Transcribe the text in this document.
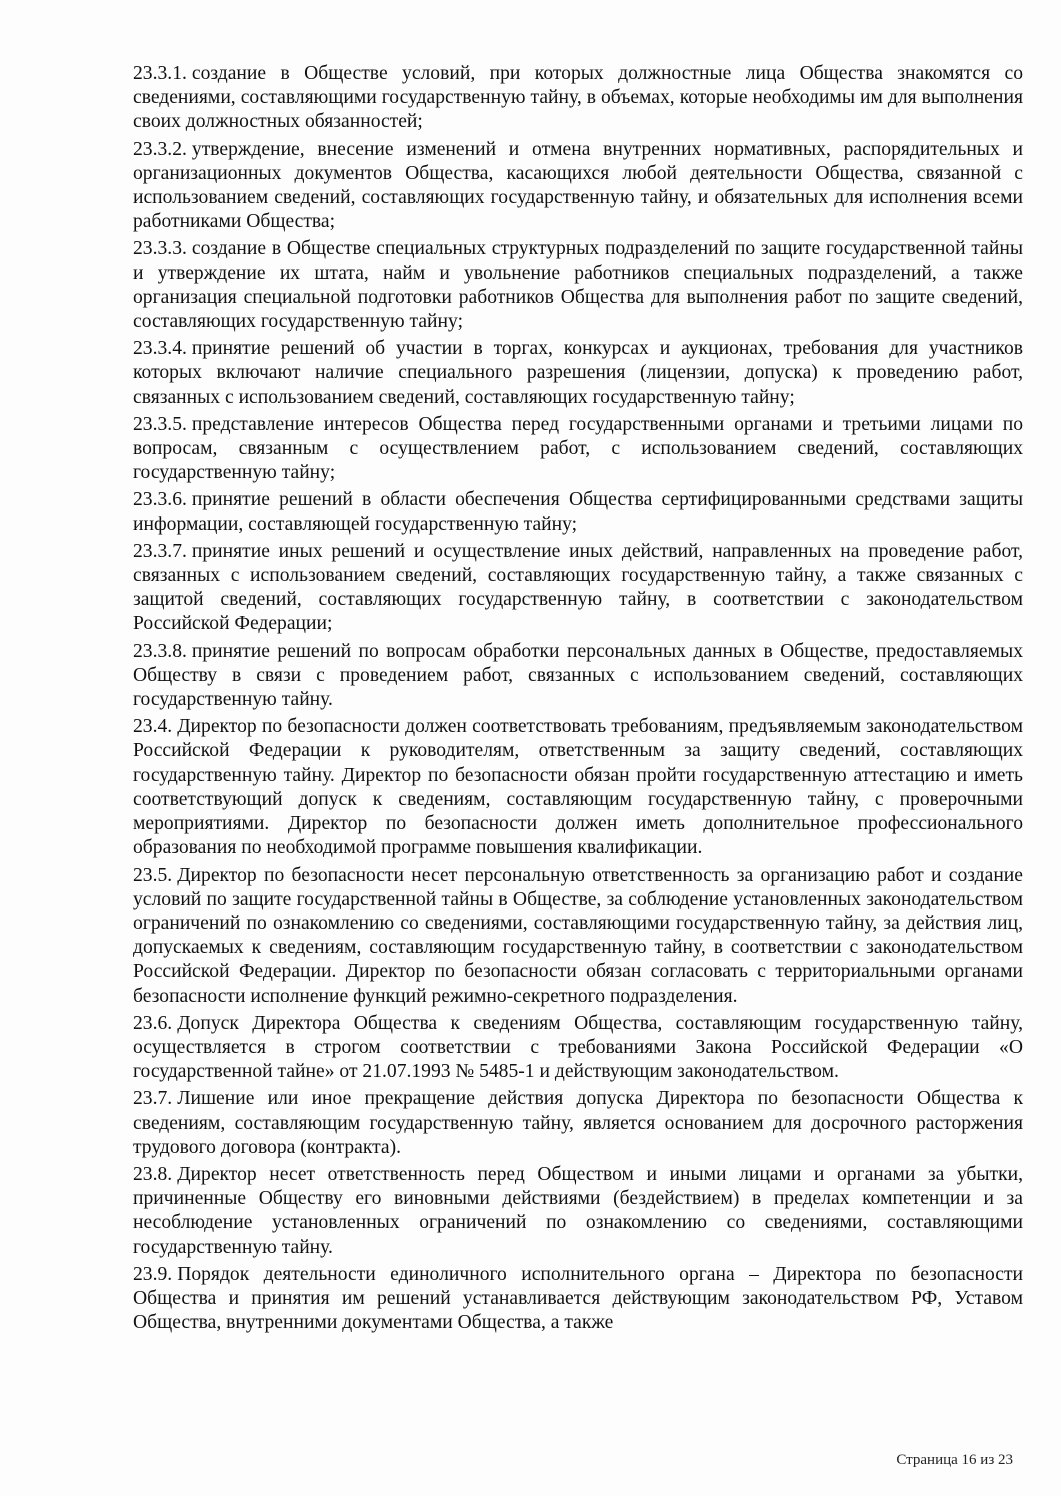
23.3.1. создание в Обществе условий, при которых должностные лица Общества знакомятся со сведениями, составляющими государственную тайну, в объемах, которые необходимы им для выполнения своих должностных обязанностей;

23.3.2. утверждение, внесение изменений и отмена внутренних нормативных, распорядительных и организационных документов Общества, касающихся любой деятельности Общества, связанной с использованием сведений, составляющих государственную тайну, и обязательных для исполнения всеми работниками Общества;

23.3.3. создание в Обществе специальных структурных подразделений по защите государственной тайны и утверждение их штата, найм и увольнение работников специальных подразделений, а также организация специальной подготовки работников Общества для выполнения работ по защите сведений, составляющих государственную тайну;

23.3.4. принятие решений об участии в торгах, конкурсах и аукционах, требования для участников которых включают наличие специального разрешения (лицензии, допуска) к проведению работ, связанных с использованием сведений, составляющих государственную тайну;

23.3.5. представление интересов Общества перед государственными органами и третьими лицами по вопросам, связанным с осуществлением работ, с использованием сведений, составляющих государственную тайну;

23.3.6. принятие решений в области обеспечения Общества сертифицированными средствами защиты информации, составляющей государственную тайну;

23.3.7. принятие иных решений и осуществление иных действий, направленных на проведение работ, связанных с использованием сведений, составляющих государственную тайну, а также связанных с защитой сведений, составляющих государственную тайну, в соответствии с законодательством Российской Федерации;

23.3.8. принятие решений по вопросам обработки персональных данных в Обществе, предоставляемых Обществу в связи с проведением работ, связанных с использованием сведений, составляющих государственную тайну.

23.4. Директор по безопасности должен соответствовать требованиям, предъявляемым законодательством Российской Федерации к руководителям, ответственным за защиту сведений, составляющих государственную тайну. Директор по безопасности обязан пройти государственную аттестацию и иметь соответствующий допуск к сведениям, составляющим государственную тайну, с проверочными мероприятиями. Директор по безопасности должен иметь дополнительное профессионального образования по необходимой программе повышения квалификации.

23.5. Директор по безопасности несет персональную ответственность за организацию работ и создание условий по защите государственной тайны в Обществе, за соблюдение установленных законодательством ограничений по ознакомлению со сведениями, составляющими государственную тайну, за действия лиц, допускаемых к сведениям, составляющим государственную тайну, в соответствии с законодательством Российской Федерации. Директор по безопасности обязан согласовать с территориальными органами безопасности исполнение функций режимно-секретного подразделения.

23.6. Допуск Директора Общества к сведениям Общества, составляющим государственную тайну, осуществляется в строгом соответствии с требованиями Закона Российской Федерации «О государственной тайне» от 21.07.1993 № 5485-1 и действующим законодательством.

23.7. Лишение или иное прекращение действия допуска Директора по безопасности Общества к сведениям, составляющим государственную тайну, является основанием для досрочного расторжения трудового договора (контракта).

23.8. Директор несет ответственность перед Обществом и иными лицами и органами за убытки, причиненные Обществу его виновными действиями (бездействием) в пределах компетенции и за несоблюдение установленных ограничений по ознакомлению со сведениями, составляющими государственную тайну.

23.9. Порядок деятельности единоличного исполнительного органа – Директора по безопасности Общества и принятия им решений устанавливается действующим законодательством РФ, Уставом Общества, внутренними документами Общества, а также

Страница 16 из 23
